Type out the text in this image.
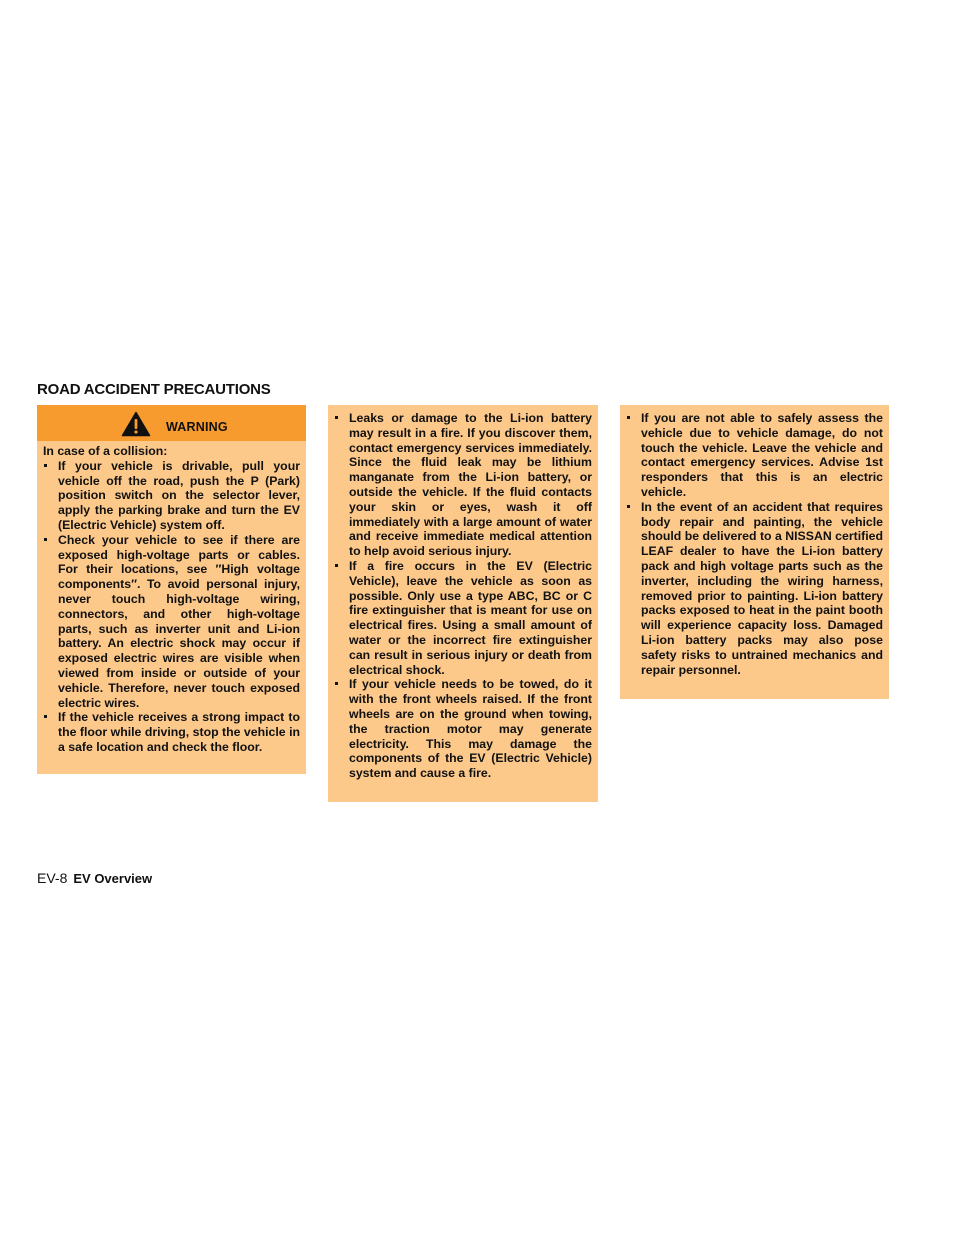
ROAD ACCIDENT PRECAUTIONS
WARNING

In case of a collision:

If your vehicle is drivable, pull your vehicle off the road, push the P (Park) position switch on the selector lever, apply the parking brake and turn the EV (Electric Vehicle) system off.
Check your vehicle to see if there are exposed high-voltage parts or cables. For their locations, see ″High voltage components″. To avoid personal injury, never touch high-voltage wiring, connectors, and other high-voltage parts, such as inverter unit and Li-ion battery. An electric shock may occur if exposed electric wires are visible when viewed from inside or outside of your vehicle. Therefore, never touch exposed electric wires.
If the vehicle receives a strong impact to the floor while driving, stop the vehicle in a safe location and check the floor.
Leaks or damage to the Li-ion battery may result in a fire. If you discover them, contact emergency services immediately. Since the fluid leak may be lithium manganate from the Li-ion battery, or outside the vehicle. If the fluid contacts your skin or eyes, wash it off immediately with a large amount of water and receive immediate medical attention to help avoid serious injury.
If a fire occurs in the EV (Electric Vehicle), leave the vehicle as soon as possible. Only use a type ABC, BC or C fire extinguisher that is meant for use on electrical fires. Using a small amount of water or the incorrect fire extinguisher can result in serious injury or death from electrical shock.
If your vehicle needs to be towed, do it with the front wheels raised. If the front wheels are on the ground when towing, the traction motor may generate electricity. This may damage the components of the EV (Electric Vehicle) system and cause a fire.
If you are not able to safely assess the vehicle due to vehicle damage, do not touch the vehicle. Leave the vehicle and contact emergency services. Advise 1st responders that this is an electric vehicle.
In the event of an accident that requires body repair and painting, the vehicle should be delivered to a NISSAN certified LEAF dealer to have the Li-ion battery pack and high voltage parts such as the inverter, including the wiring harness, removed prior to painting. Li-ion battery packs exposed to heat in the paint booth will experience capacity loss. Damaged Li-ion battery packs may also pose safety risks to untrained mechanics and repair personnel.
EV-8 EV Overview
